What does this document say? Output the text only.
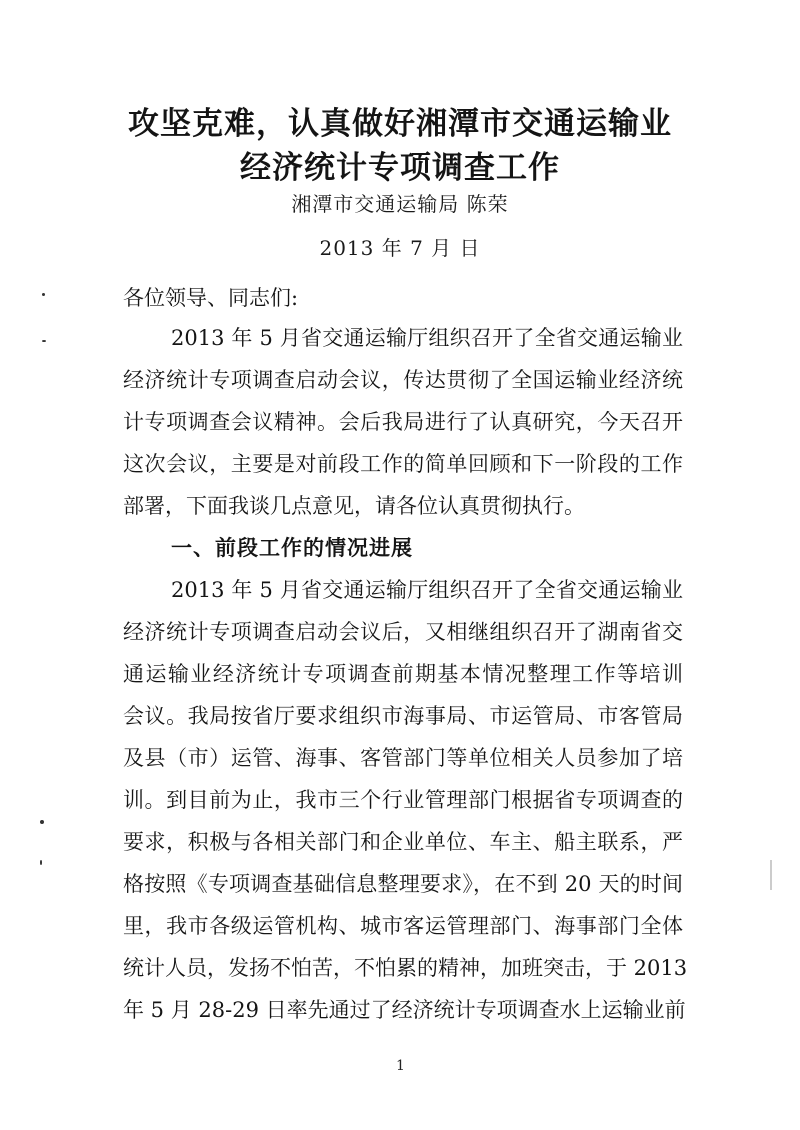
攻坚克难，认真做好湘潭市交通运输业
经济统计专项调查工作
湘潭市交通运输局 陈荣
2013 年 7 月 日
各位领导、同志们:
2013 年 5 月省交通运输厅组织召开了全省交通运输业
经济统计专项调查启动会议，传达贯彻了全国运输业经济统
计专项调查会议精神。会后我局进行了认真研究，今天召开
这次会议，主要是对前段工作的简单回顾和下一阶段的工作
部署，下面我谈几点意见，请各位认真贯彻执行。
一、前段工作的情况进展
2013 年 5 月省交通运输厅组织召开了全省交通运输业
经济统计专项调查启动会议后，又相继组织召开了湖南省交
通运输业经济统计专项调查前期基本情况整理工作等培训
会议。我局按省厅要求组织市海事局、市运管局、市客管局
及县（市）运管、海事、客管部门等单位相关人员参加了培
训。到目前为止，我市三个行业管理部门根据省专项调查的
要求，积极与各相关部门和企业单位、车主、船主联系，严
格按照《专项调查基础信息整理要求》，在不到 20 天的时间
里，我市各级运管机构、城市客运管理部门、海事部门全体
统计人员，发扬不怕苦，不怕累的精神，加班突击，于 2013
年 5 月 28-29 日率先通过了经济统计专项调查水上运输业前
1
